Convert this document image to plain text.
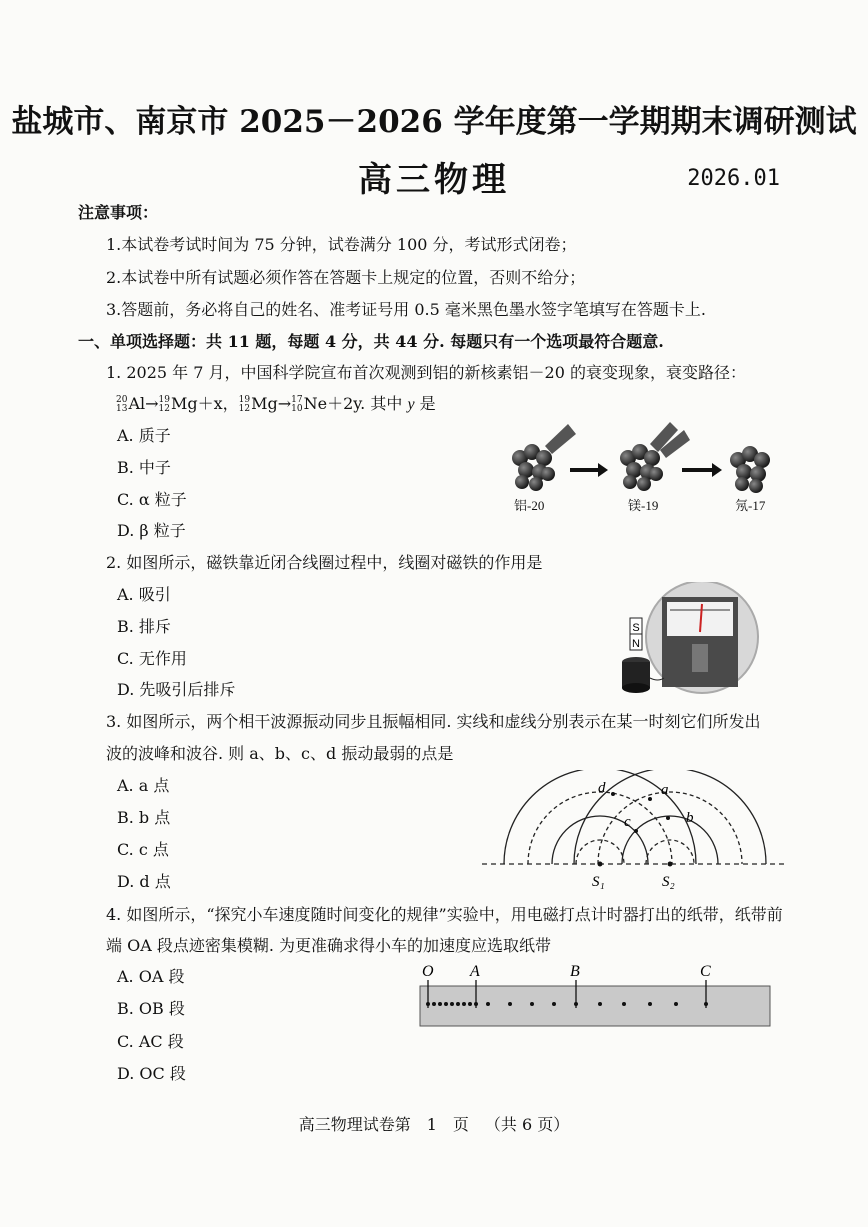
盐城市、南京市 2025－2026 学年度第一学期期末调研测试
高三物理	2026.01
注意事项：
1.本试卷考试时间为 75 分钟，试卷满分 100 分，考试形式闭卷；
2.本试卷中所有试题必须作答在答题卡上规定的位置，否则不给分；
3.答题前，务必将自己的姓名、准考证号用 0.5 毫米黑色墨水签字笔填写在答题卡上.
一、单项选择题：共 11 题，每题 4 分，共 44 分. 每题只有一个选项最符合题意.
1. 2025 年 7 月，中国科学院宣布首次观测到铝的新核素铝－20 的衰变现象，衰变路径：
20
13Al→19
12Mg＋x，19
12Mg→17
10Ne＋2y. 其中 y 是
A. 质子
B. 中子
C. α 粒子
D. β 粒子
铝-20	镁-19	氖-17
2. 如图所示，磁铁靠近闭合线圈过程中，线圈对磁铁的作用是
A. 吸引
B. 排斥
C. 无作用
D. 先吸引后排斥
S
N
3. 如图所示，两个相干波源振动同步且振幅相同. 实线和虚线分别表示在某一时刻它们所发出
波的波峰和波谷. 则 a、b、c、d 振动最弱的点是
A. a 点
B. b 点
C. c 点
D. d 点
d	a
b
c
S₁	S₂
4. 如图所示，“探究小车速度随时间变化的规律”实验中，用电磁打点计时器打出的纸带，纸带前
端 OA 段点迹密集模糊. 为更准确求得小车的加速度应选取纸带
A. OA 段
B. OB 段
C. AC 段
D. OC 段
O A	B	C
高三物理试卷第 1 页 （共 6 页）
